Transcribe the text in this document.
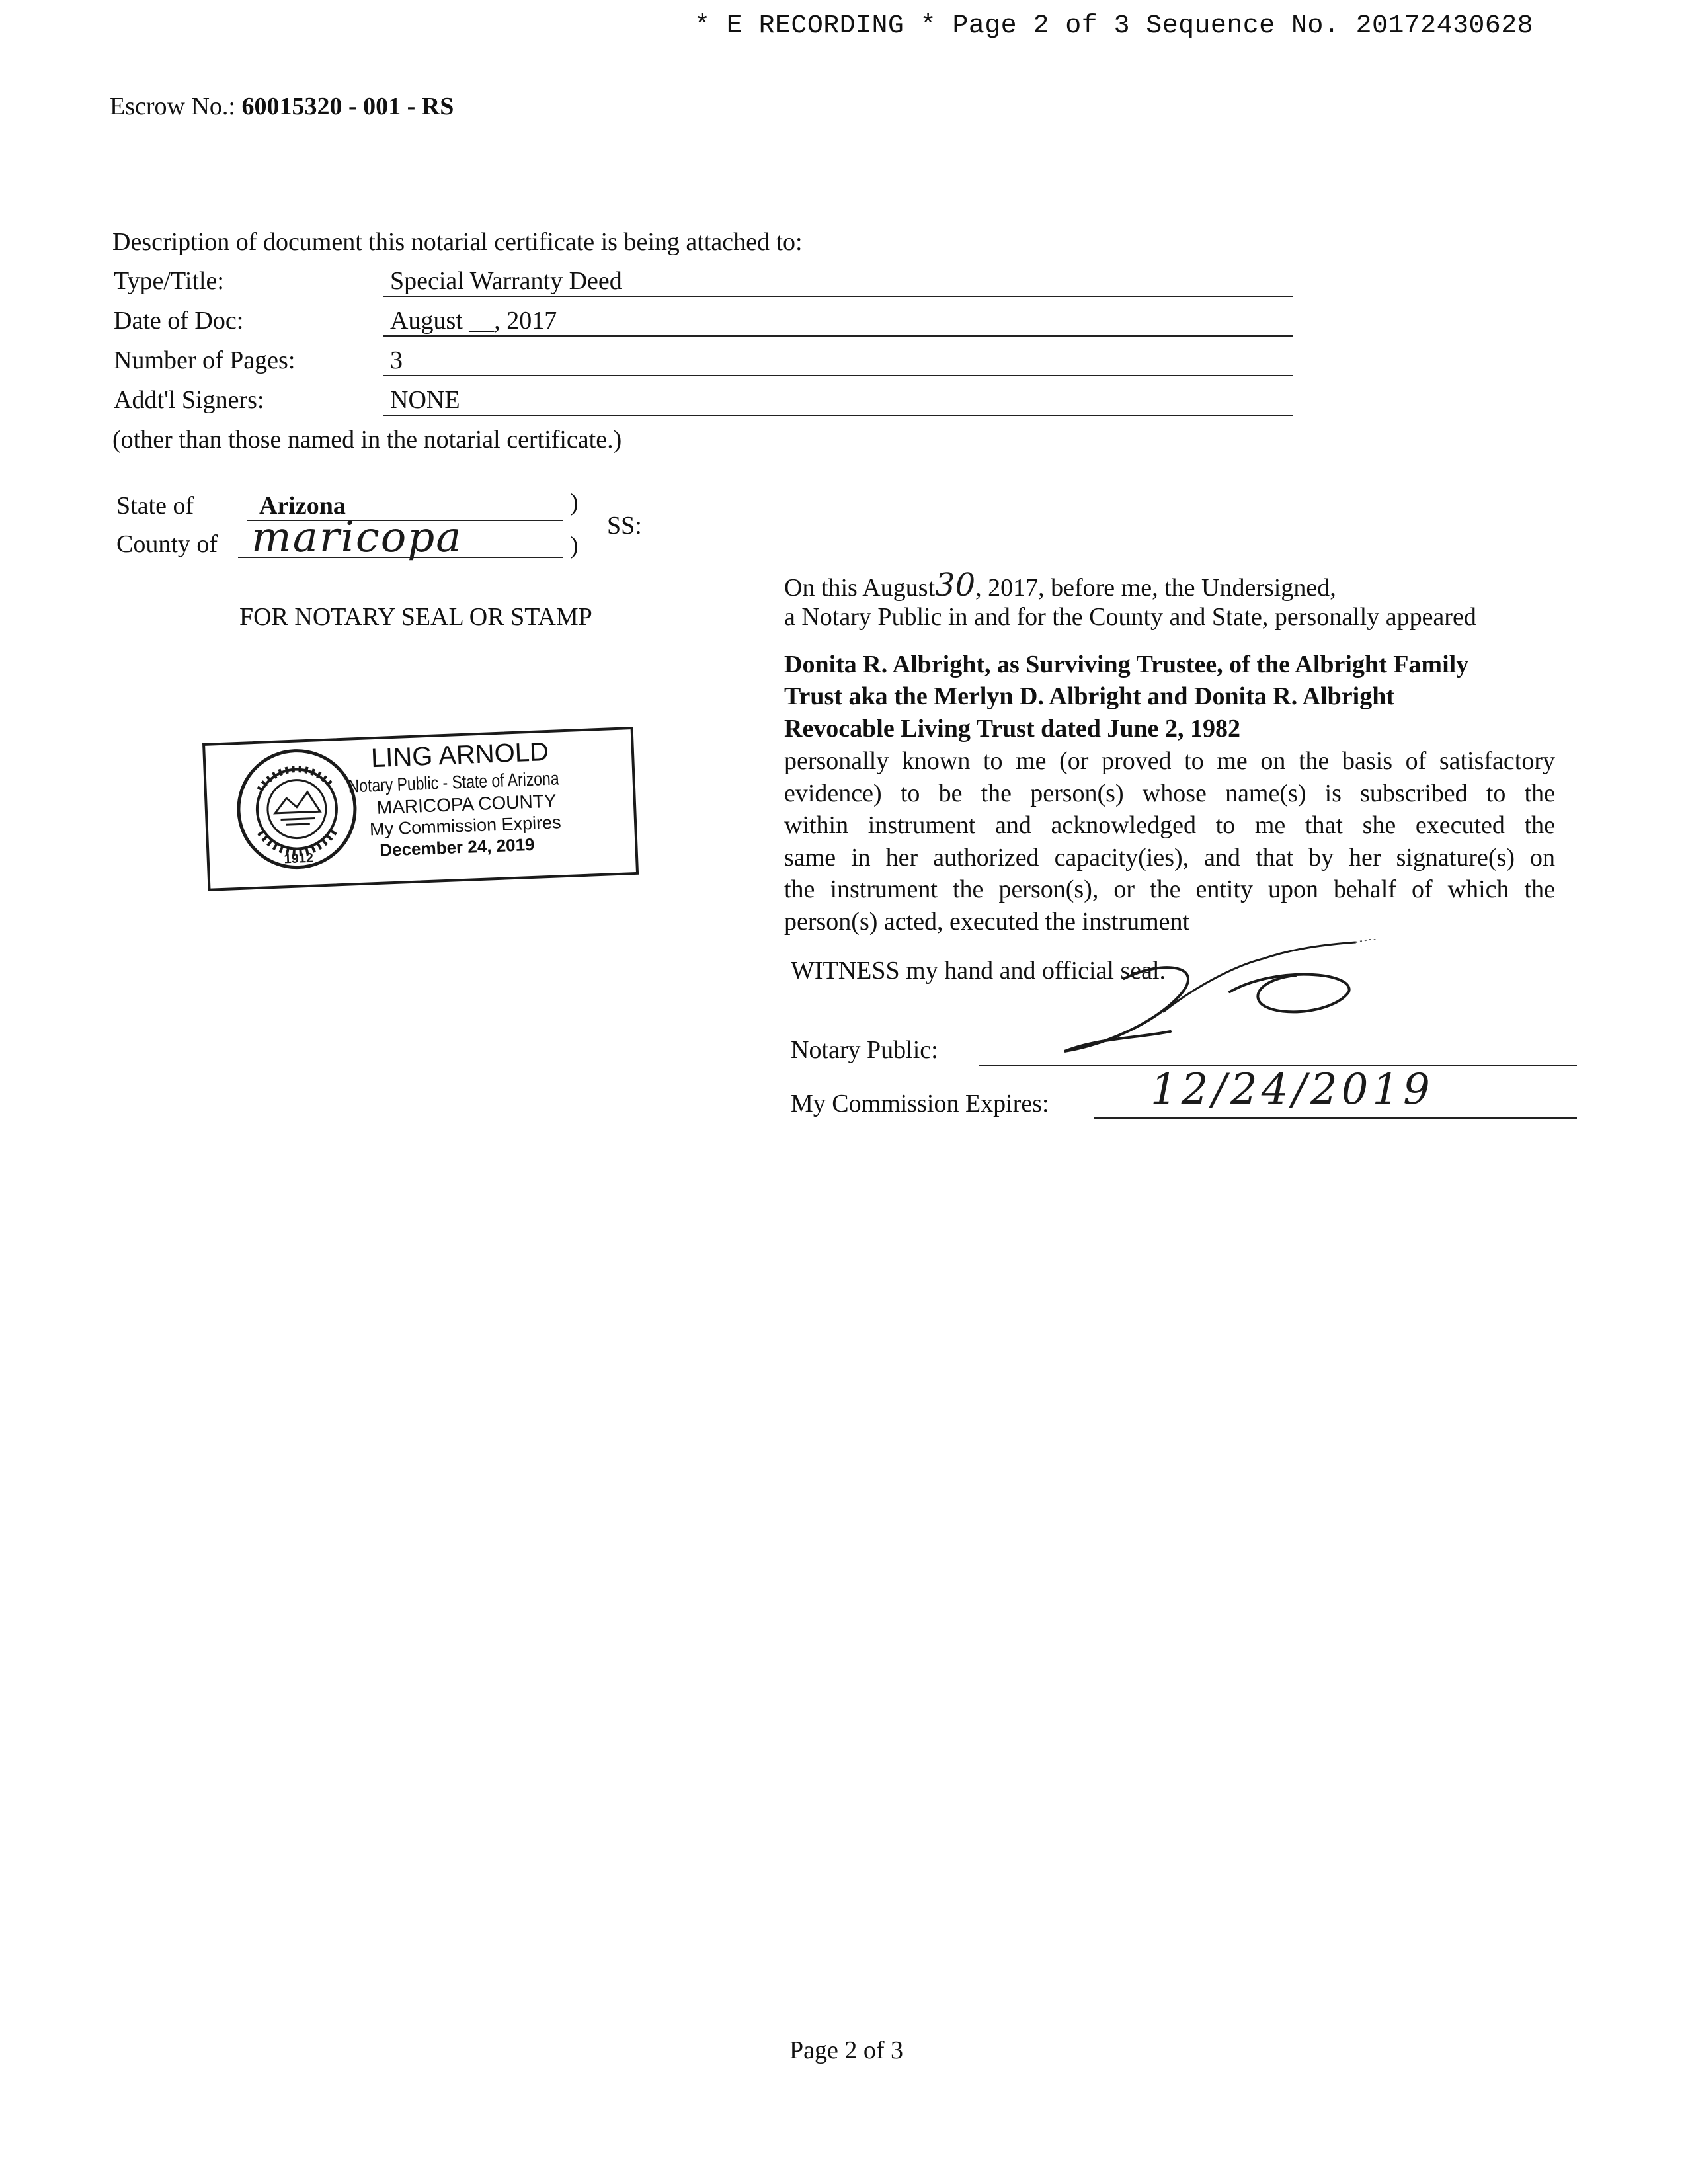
* E RECORDING * Page 2 of 3 Sequence No. 20172430628
Escrow No.: 60015320 - 001 - RS
Description of document this notarial certificate is being attached to:
Type/Title:	Special Warranty Deed
Date of Doc:	August __, 2017
Number of Pages:	3
Addt'l Signers:	NONE
(other than those named in the notarial certificate.)
State of	Arizona	)
County of maricopa	)
SS:
FOR NOTARY SEAL OR STAMP
1912
LING ARNOLD
Notary Public - State of Arizona
MARICOPA COUNTY
My Commission Expires
December 24, 2019
On this August30, 2017, before me, the Undersigned,
a Notary Public in and for the County and State, personally appeared
Donita R. Albright, as Surviving Trustee, of the Albright Family
Trust aka the Merlyn D. Albright and Donita R. Albright
Revocable Living Trust dated June 2, 1982
personally known to me (or proved to me on the basis of satisfactory
evidence) to be the person(s) whose name(s) is subscribed to the
within instrument and acknowledged to me that she executed the
same in her authorized capacity(ies), and that by her signature(s) on
the instrument the person(s), or the entity upon behalf of which the
person(s) acted, executed the instrument
WITNESS my hand and official seal.
Notary Public:
My Commission Expires: 12/24/2019
Page 2 of 3
